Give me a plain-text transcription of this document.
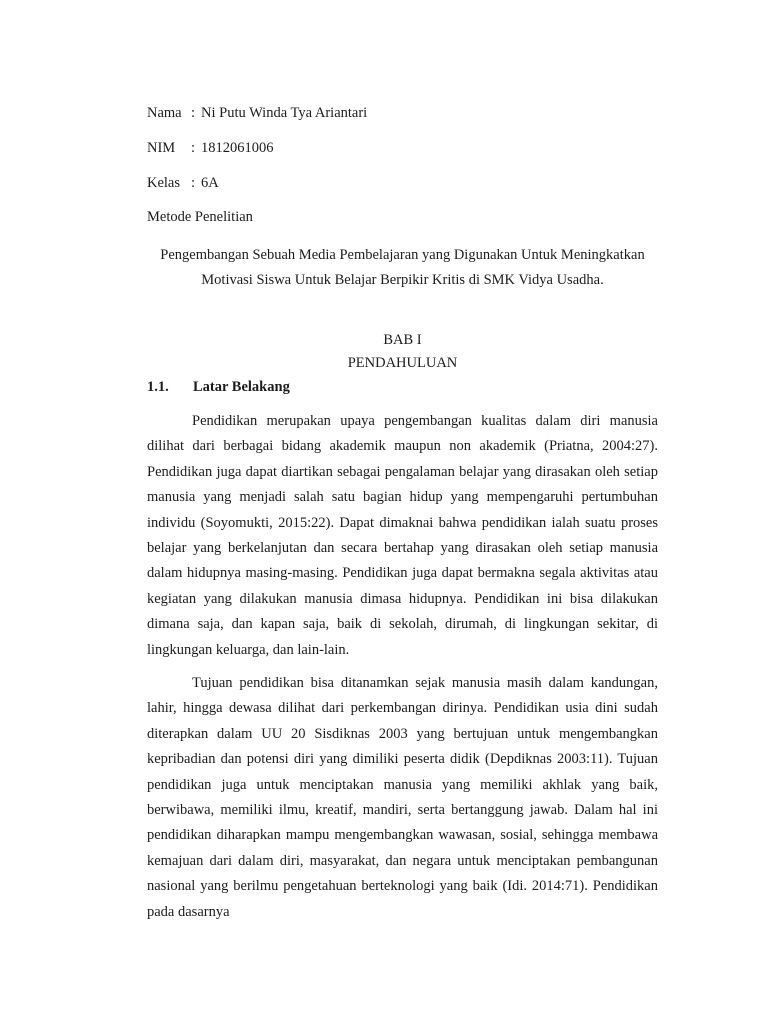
Nama : Ni Putu Winda Tya Ariantari
NIM : 1812061006
Kelas : 6A
Metode Penelitian
Pengembangan Sebuah Media Pembelajaran yang Digunakan Untuk Meningkatkan Motivasi Siswa Untuk Belajar Berpikir Kritis di SMK Vidya Usadha.
BAB I
PENDAHULUAN
1.1. Latar Belakang

Pendidikan merupakan upaya pengembangan kualitas dalam diri manusia dilihat dari berbagai bidang akademik maupun non akademik (Priatna, 2004:27). Pendidikan juga dapat diartikan sebagai pengalaman belajar yang dirasakan oleh setiap manusia yang menjadi salah satu bagian hidup yang mempengaruhi pertumbuhan individu (Soyomukti, 2015:22). Dapat dimaknai bahwa pendidikan ialah suatu proses belajar yang berkelanjutan dan secara bertahap yang dirasakan oleh setiap manusia dalam hidupnya masing-masing. Pendidikan juga dapat bermakna segala aktivitas atau kegiatan yang dilakukan manusia dimasa hidupnya. Pendidikan ini bisa dilakukan dimana saja, dan kapan saja, baik di sekolah, dirumah, di lingkungan sekitar, di lingkungan keluarga, dan lain-lain.

Tujuan pendidikan bisa ditanamkan sejak manusia masih dalam kandungan, lahir, hingga dewasa dilihat dari perkembangan dirinya. Pendidikan usia dini sudah diterapkan dalam UU 20 Sisdiknas 2003 yang bertujuan untuk mengembangkan kepribadian dan potensi diri yang dimiliki peserta didik (Depdiknas 2003:11). Tujuan pendidikan juga untuk menciptakan manusia yang memiliki akhlak yang baik, berwibawa, memiliki ilmu, kreatif, mandiri, serta bertanggung jawab. Dalam hal ini pendidikan diharapkan mampu mengembangkan wawasan, sosial, sehingga membawa kemajuan dari dalam diri, masyarakat, dan negara untuk menciptakan pembangunan nasional yang berilmu pengetahuan berteknologi yang baik (Idi. 2014:71). Pendidikan pada dasarnya
